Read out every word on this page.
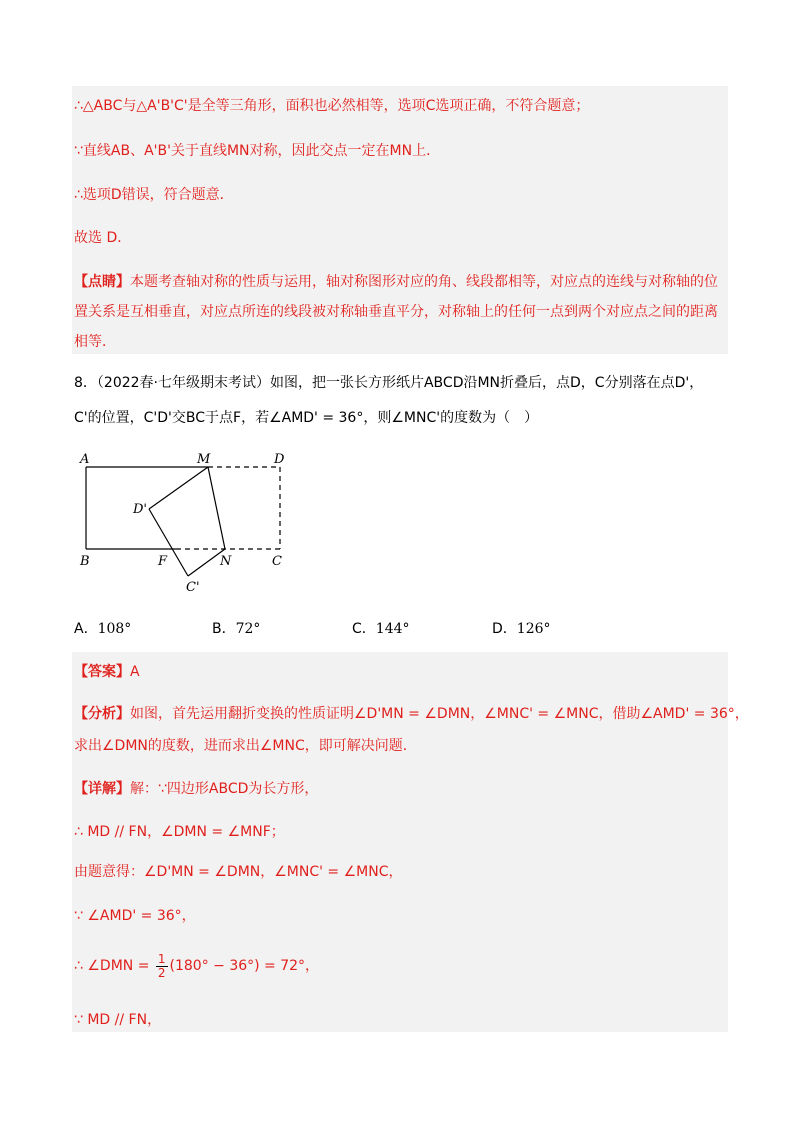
∴△ABC与△A'B'C'是全等三角形，面积也必然相等，选项C选项正确，不符合题意；
∵直线AB、A'B'关于直线MN对称，因此交点一定在MN上．
∴选项D错误，符合题意．
故选 D．
【点睛】本题考查轴对称的性质与运用，轴对称图形对应的角、线段都相等，对应点的连线与对称轴的位
置关系是互相垂直，对应点所连的线段被对称轴垂直平分，对称轴上的任何一点到两个对应点之间的距离
相等．
8．（2022春·七年级期末考试）如图，把一张长方形纸片ABCD沿MN折叠后，点D，C分别落在点D'，
C'的位置，C'D'交BC于点F，若∠AMD' = 36°，则∠MNC'的度数为（　）
A	M	D
D'
B	F	N	C
C'
A．108°	B．72°	C．144°	D．126°
【答案】A
【分析】如图，首先运用翻折变换的性质证明∠D'MN = ∠DMN，∠MNC' = ∠MNC，借助∠AMD' = 36°，
求出∠DMN的度数，进而求出∠MNC，即可解决问题．
【详解】解：∵四边形ABCD为长方形，
∴ MD // FN，∠DMN = ∠MNF；
由题意得：∠D'MN = ∠DMN，∠MNC' = ∠MNC，
∵ ∠AMD' = 36°，
∴ ∠DMN = $\frac{1}{2} (180^\circ - 36^\circ) = 72^\circ$，
∵ MD // FN，
